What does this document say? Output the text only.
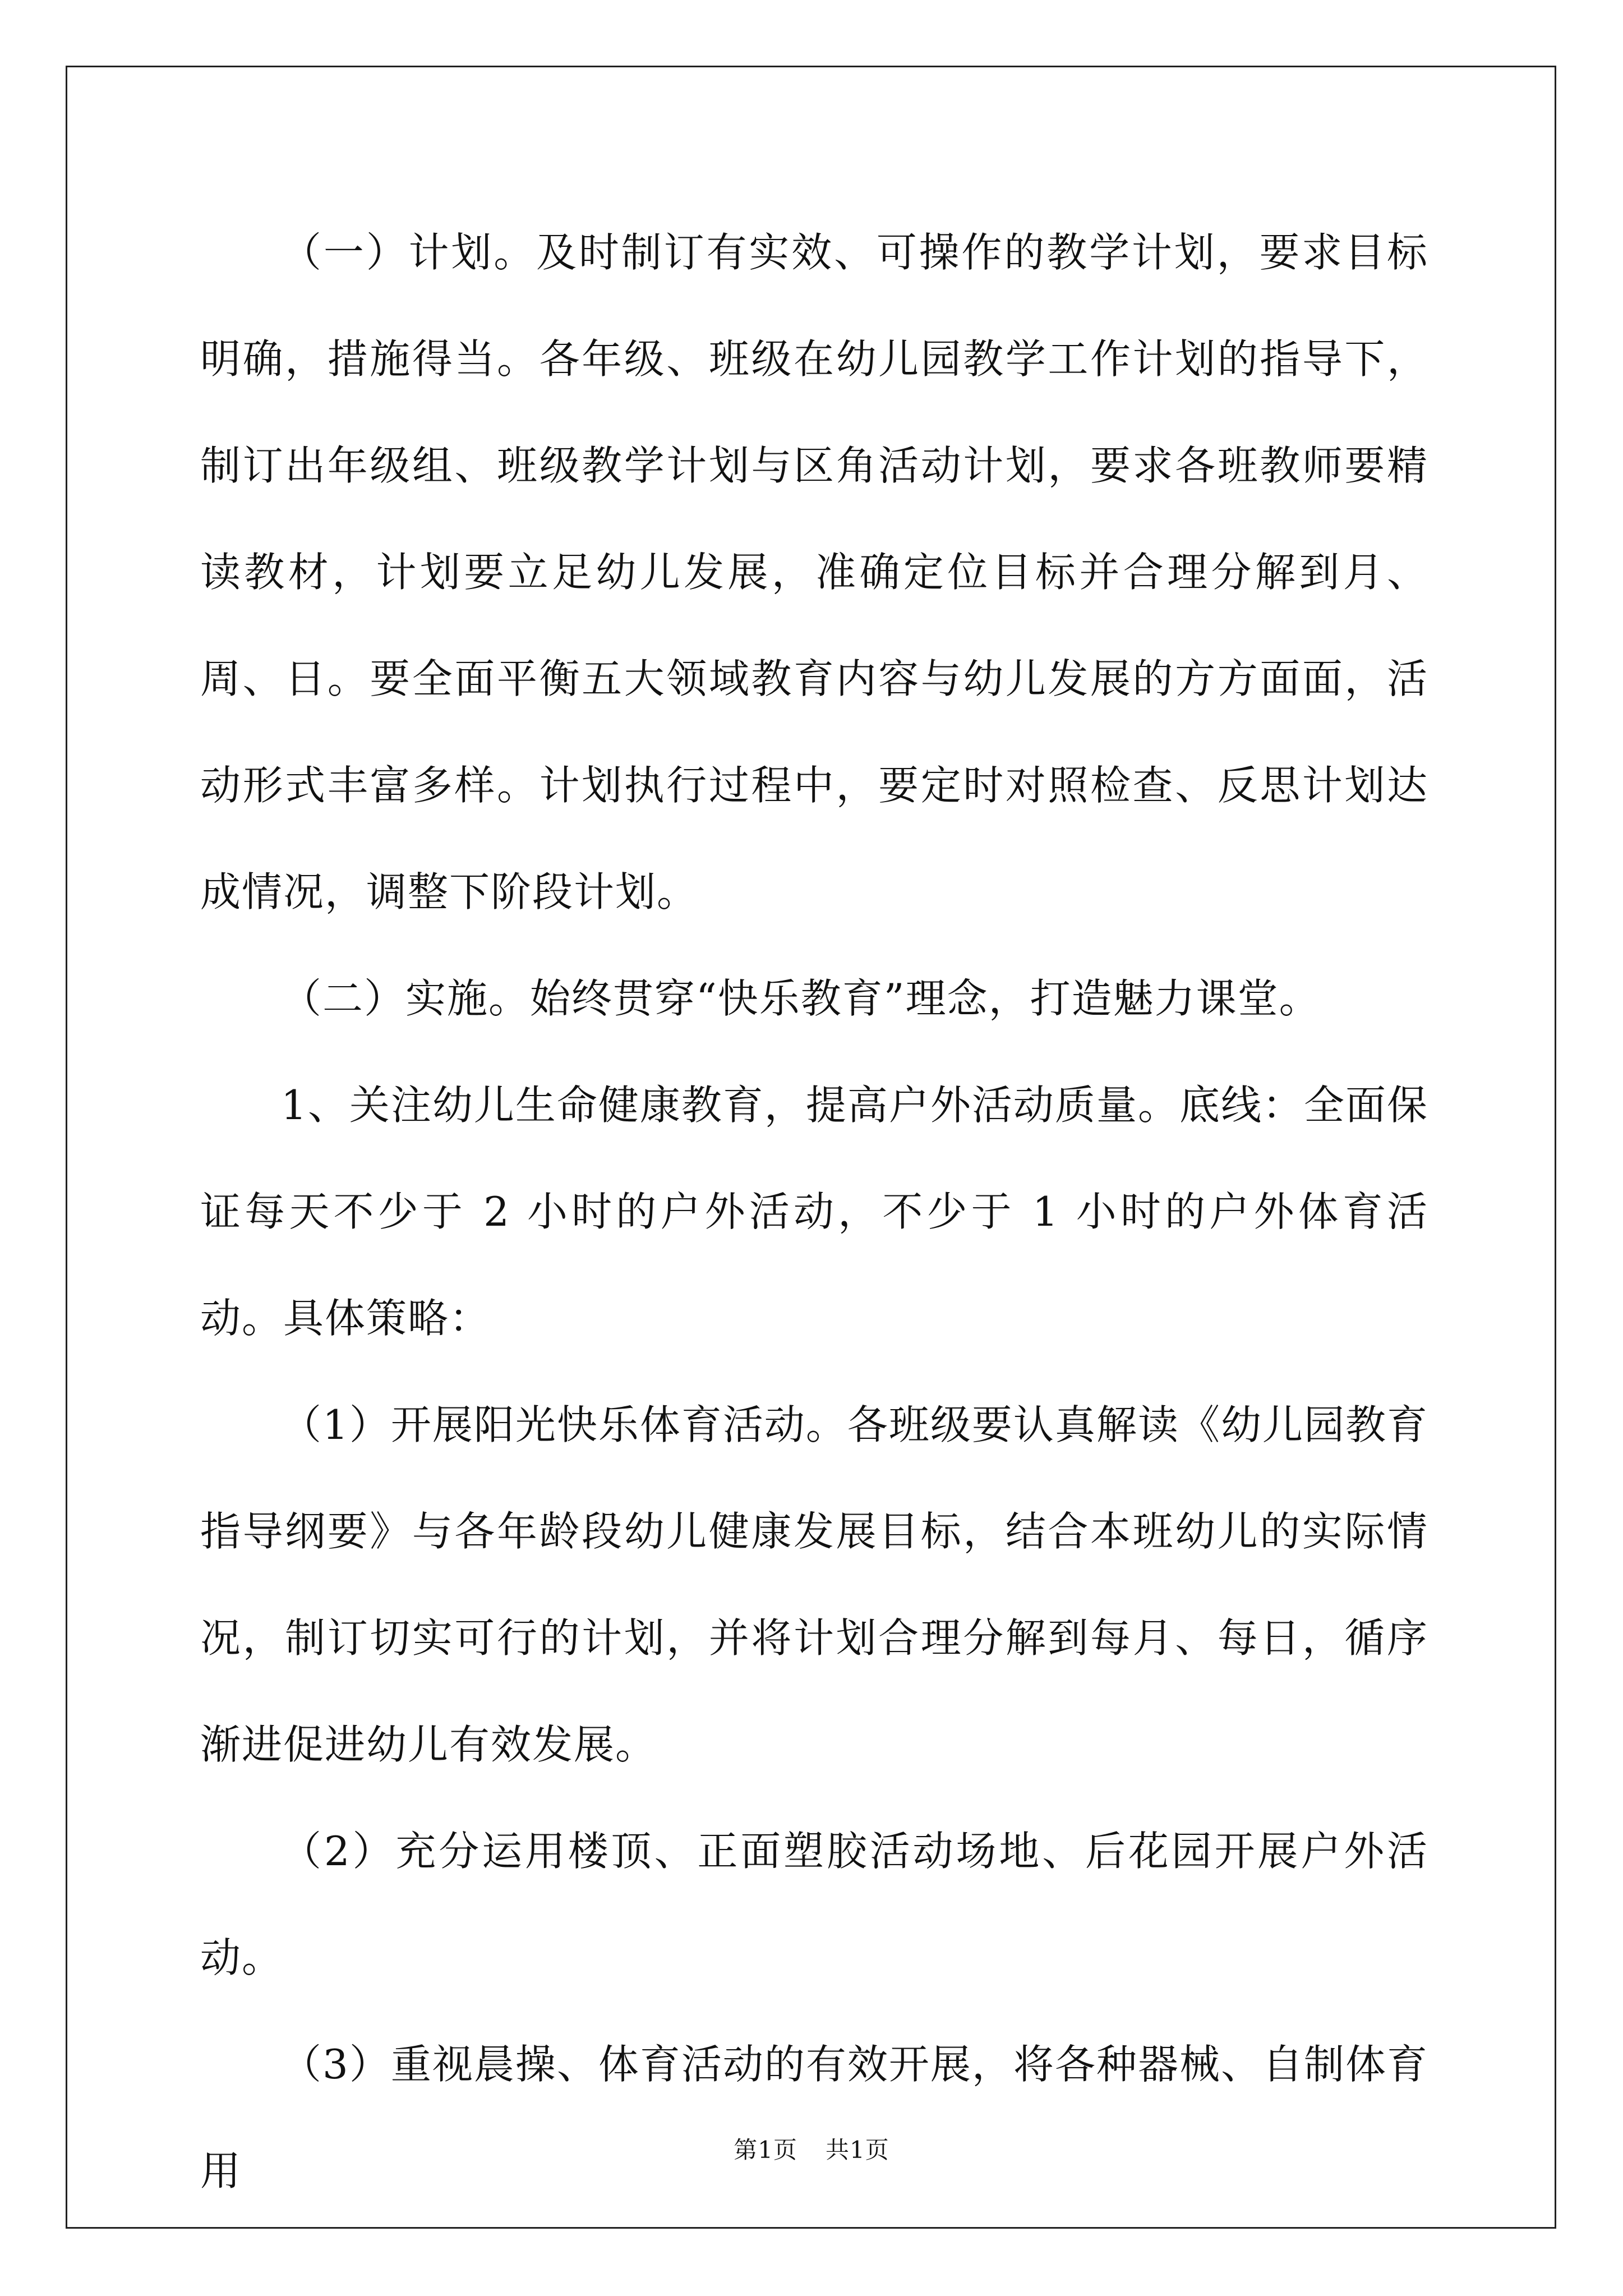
（一）计划。及时制订有实效、可操作的教学计划，要求目标明确，措施得当。各年级、班级在幼儿园教学工作计划的指导下，制订出年级组、班级教学计划与区角活动计划，要求各班教师要精读教材，计划要立足幼儿发展，准确定位目标并合理分解到月、周、日。要全面平衡五大领域教育内容与幼儿发展的方方面面，活动形式丰富多样。计划执行过程中，要定时对照检查、反思计划达成情况，调整下阶段计划。

（二）实施。始终贯穿“快乐教育”理念，打造魅力课堂。

1、关注幼儿生命健康教育，提高户外活动质量。底线：全面保证每天不少于 2 小时的户外活动，不少于 1 小时的户外体育活动。具体策略：

（1）开展阳光快乐体育活动。各班级要认真解读《幼儿园教育指导纲要》与各年龄段幼儿健康发展目标，结合本班幼儿的实际情况，制订切实可行的计划，并将计划合理分解到每月、每日，循序渐进促进幼儿有效发展。

（2）充分运用楼顶、正面塑胶活动场地、后花园开展户外活动。

（3）重视晨操、体育活动的有效开展，将各种器械、自制体育用	第1页 共1页
